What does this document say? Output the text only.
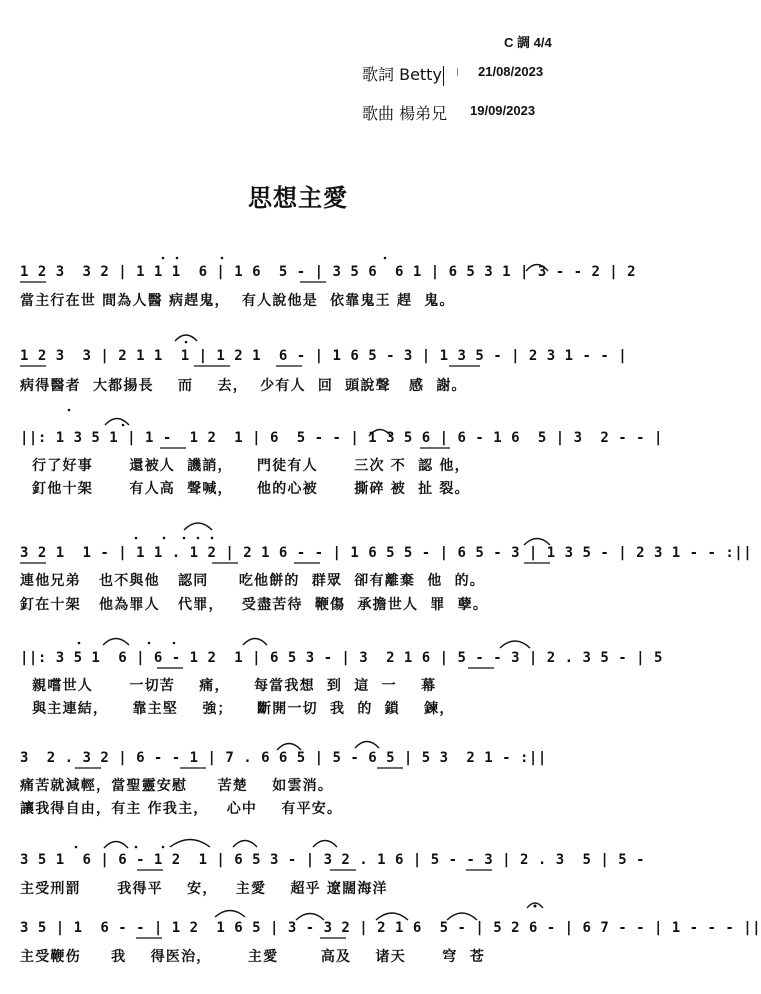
C 調 4/4
歌詞 Betty	21/08/2023
歌曲 楊弟兄 19/09/2023
思想主愛
1 2 3  3 2 | 1 1 1  6 | 1 6  5 - | 3 5 6  6 1 | 6 5 3 1 | 3 - - 2 | 2
當主行在世 間為人醫 病趕鬼，  有人說他是  依靠鬼王 趕  鬼。
1 2 3  3 | 2 1 1  1 | 1 2 1  6 - | 1 6 5 - 3 | 1 3 5 - | 2 3 1 - - |
病得醫者  大都揚長    而    去，  少有人  回  頭說聲   感  謝。
||: 1 3 5 1 | 1 -  1 2  1 | 6  5 - - | 1 3 5 6 | 6 - 1 6  5 | 3  2 - - |
行了好事      還被人  譏誚，    門徒有人      三次 不  認 他，
釘他十架      有人高  聲喊，    他的心被      撕碎 被  扯 裂。
3 2 1  1 - | 1 1 . 1 2 | 2 1 6 - - | 1 6 5 5 - | 6 5 - 3 | 1 3 5 - | 2 3 1 - - :||
連他兄弟   也不與他   認同     吃他餅的  群眾  卻有離棄  他  的。
釘在十架   他為罪人   代罪，   受盡苦待  鞭傷  承擔世人  罪  孽。
||: 3 5 1  6 | 6 - 1 2  1 | 6 5 3 - | 3  2 1 6 | 5 - - 3 | 2 . 3 5 - | 5
親嚐世人      一切苦    痛，    每當我想  到  這  一    幕
與主連結，    靠主堅    強；    斷開一切  我  的  鎖    鍊，
3  2 . 3 2 | 6 - - 1 | 7 . 6 6 5 | 5 - 6 5 | 5 3  2 1 - :||
痛苦就減輕，當聖靈安慰     苦楚    如雲消。
讓我得自由，有主 作我主，   心中    有平安。
3 5 1  6 | 6 - 1 2  1 | 6 5 3 - | 3 2 . 1 6 | 5 - - 3 | 2 . 3  5 | 5 -
主受刑罰      我得平    安，   主愛    超乎 遼闊海洋
3 5 | 1  6 - - | 1 2  1 6 5 | 3 - 3 2 | 2 1 6  5 - | 5 2 6 - | 6 7 - - | 1 - - - ||
主受鞭伤     我    得医治，      主愛       高及    诸天      穹  苍
